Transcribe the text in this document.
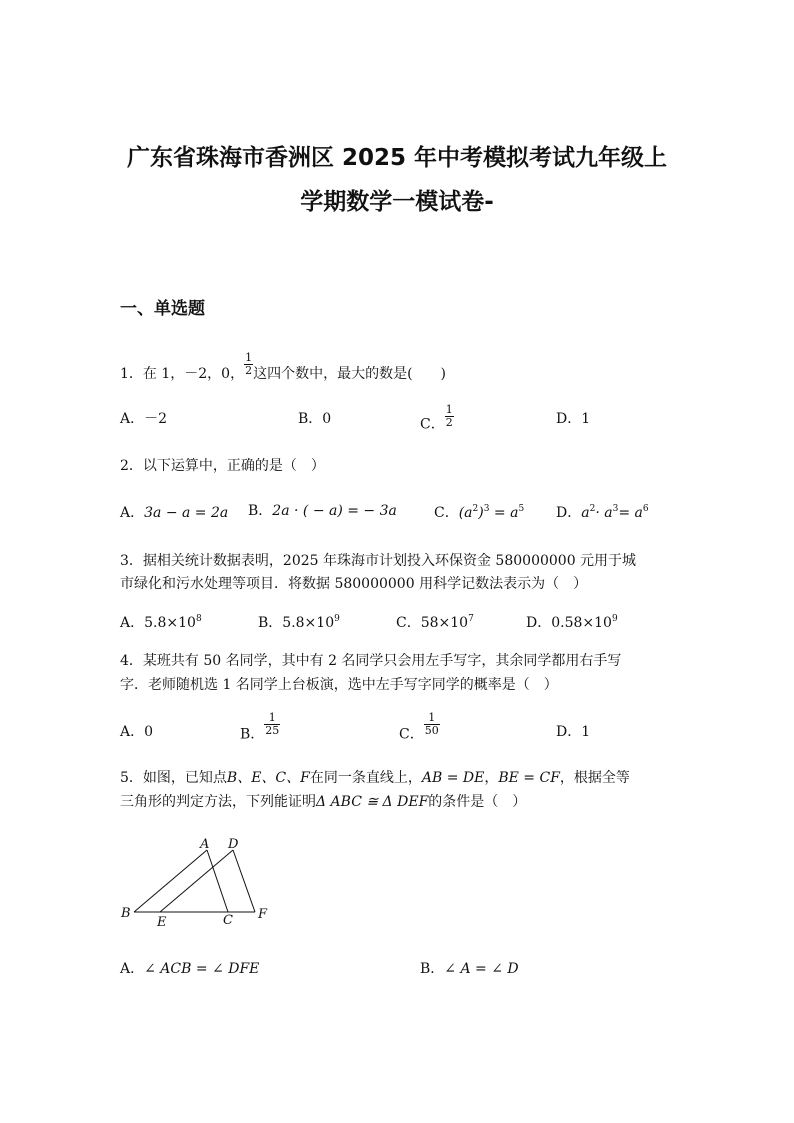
广东省珠海市香洲区 2025 年中考模拟考试九年级上
学期数学一模试卷-
一、单选题
1．在 1，－2，0， $\frac{1}{2}$ 这四个数中，最大的数是(　　)
A．－2	B．0	C． $\frac{1}{2}$	D．1
2．以下运算中，正确的是（　）
A．3a − a = 2a B．2a · ( − a) = − 3a	C．$(a^2)^3 = a^5$ D．$a^2\cdot a^3= a^6$
3．据相关统计数据表明，2025 年珠海市计划投入环保资金 580000000 元用于城
市绿化和污水处理等项目．将数据 580000000 用科学记数法表示为（　）
A．$5.8\times 10^8$	B．$5.8\times 10^9$	C．$58\times 10^7$	D．$0.58\times 10^9$
4．某班共有 50 名同学，其中有 2 名同学只会用左手写字，其余同学都用右手写
字．老师随机选 1 名同学上台板演，选中左手写字同学的概率是（　）
A．0	B． $\frac{1}{25}$	C． $\frac{1}{50}$	D．1
5．如图，已知点B、E、C、F在同一条直线上，AB = DE，BE = CF，根据全等
三角形的判定方法，下列能证明Δ ABC ≅ Δ DEF的条件是（　）
A D
B
E	C F
A．∠ ACB = ∠ DFE	B．∠ A = ∠ D
